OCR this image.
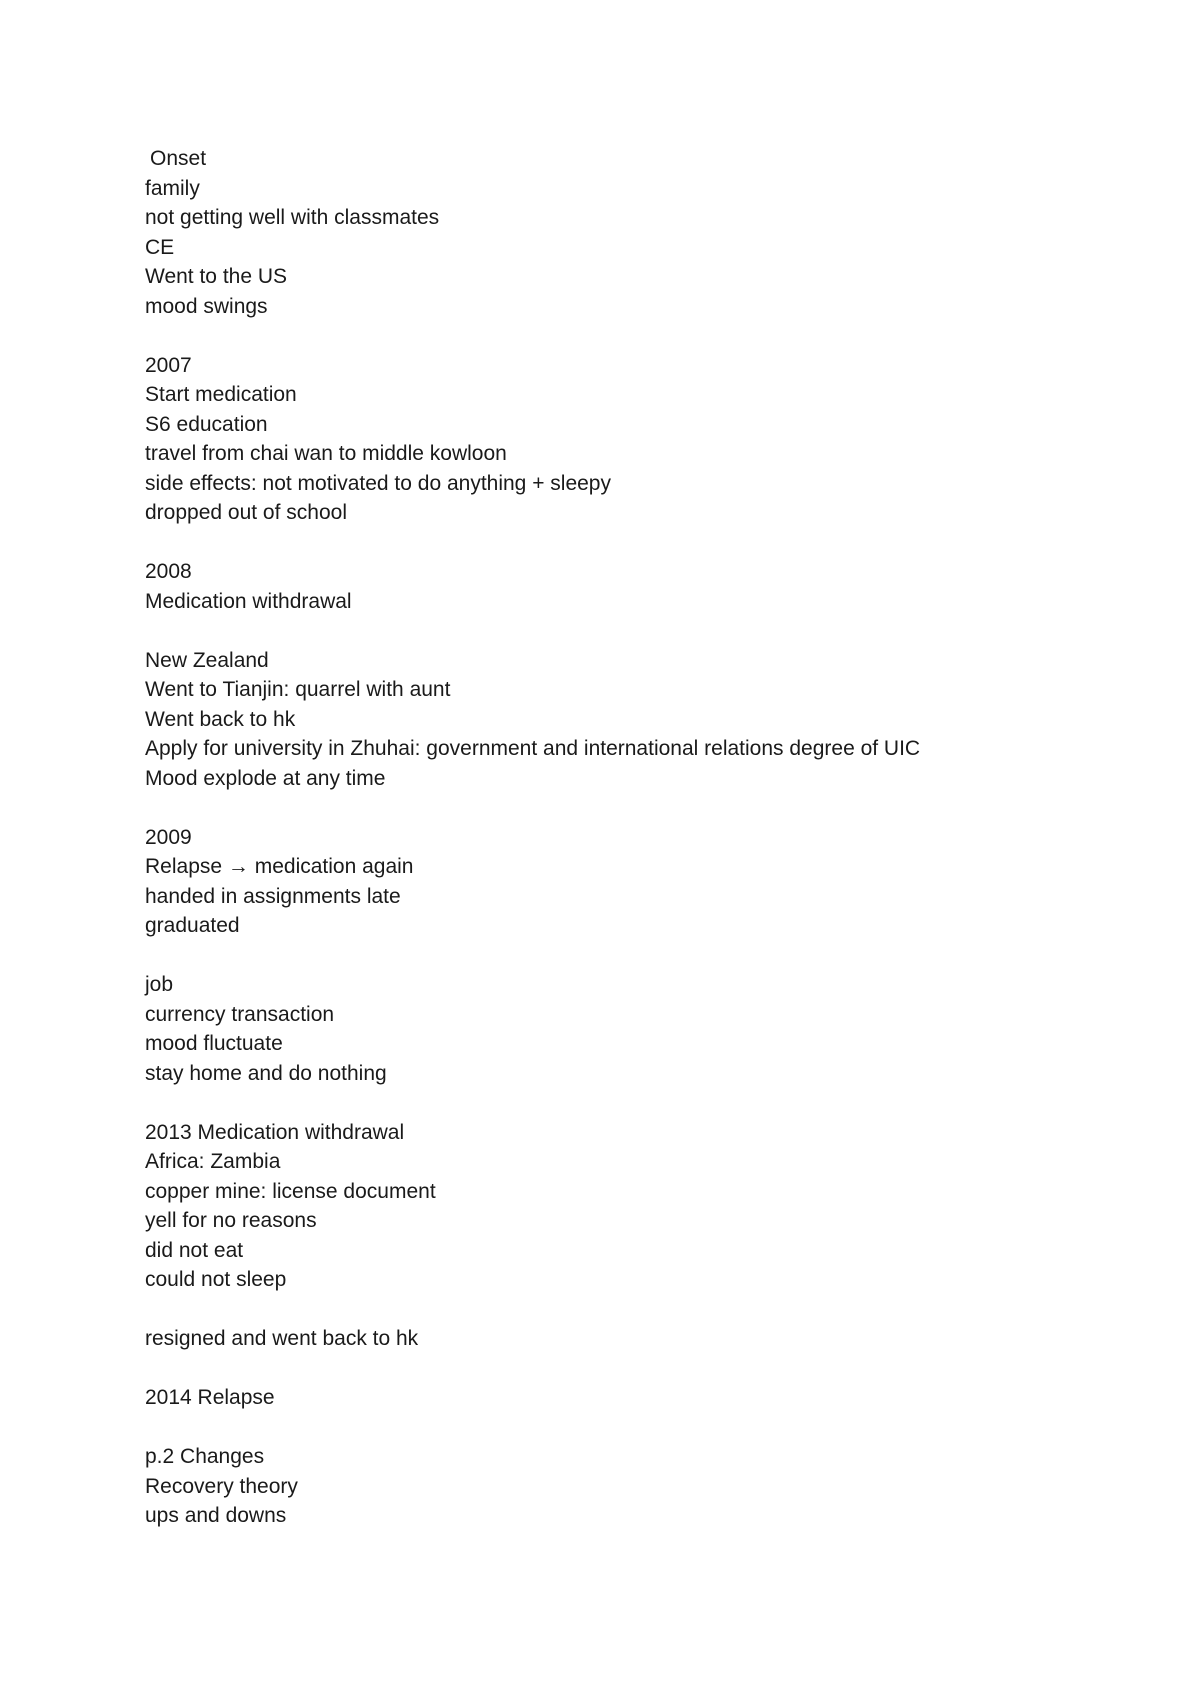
Onset
family
not getting well with classmates
CE
Went to the US
mood swings
2007
Start medication
S6 education
travel from chai wan to middle kowloon
side effects: not motivated to do anything + sleepy
dropped out of school
2008
Medication withdrawal
New Zealand
Went to Tianjin: quarrel with aunt
Went back to hk
Apply for university in Zhuhai: government and international relations degree of UIC
Mood explode at any time
2009
Relapse → medication again
handed in assignments late
graduated
job
currency transaction
mood fluctuate
stay home and do nothing
2013 Medication withdrawal
Africa: Zambia
copper mine: license document
yell for no reasons
did not eat
could not sleep
resigned and went back to hk
2014 Relapse
p.2 Changes
Recovery theory
ups and downs
